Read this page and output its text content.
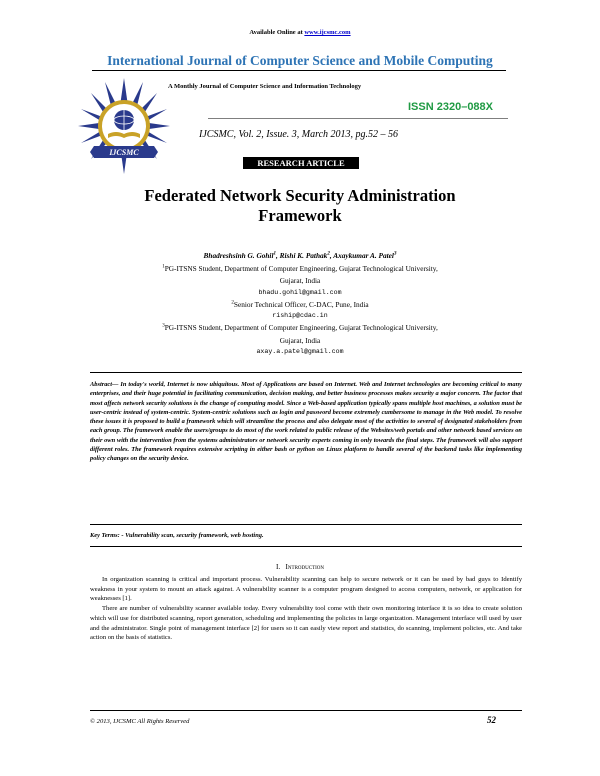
Available Online at www.ijcsmc.com
International Journal of Computer Science and Mobile Computing
A Monthly Journal of Computer Science and Information Technology
IJCSMC
ISSN 2320–088X
IJCSMC, Vol. 2, Issue. 3, March 2013, pg.52 – 56
RESEARCH ARTICLE
Federated Network Security Administration
Framework
Bhadreshsinh G. Gohil$^1$, Rishi K. Pathak$^2$, Axaykumar A. Patel$^3$
$^1$PG-ITSNS Student, Department of Computer Engineering, Gujarat Technological University,
Gujarat, India
bhadu.gohil@gmail.com
$^2$Senior Technical Officer, C-DAC, Pune, India
riship@cdac.in
$^3$PG-ITSNS Student, Department of Computer Engineering, Gujarat Technological University,
Gujarat, India
axay.a.patel@gmail.com
Abstract— In today's world, Internet is now ubiquitous. Most of Applications are based on Internet. Web and Internet technologies are becoming critical to many enterprises, and their huge potential in facilitating communication, decision making, and better business processes makes security a major concern. The factor that most affects network security solutions is the change of computing model. Since a Web-based application typically spans multiple host machines, a solution must be user-centric instead of system-centric. System-centric solutions such as login and password become extremely cumbersome to manage in the Web model. To resolve these issues it is proposed to build a framework which will streamline the process and also delegate most of the activities to several of designated stakeholders from each group. The framework enable the users/groups to do most of the work related to public release of the Websites/web portals and other network based services on their own with the intervention from the systems administrators or network security experts coming in only towards the final steps. The framework will also support different roles. The framework requires extensive scripting in either bash or python on Linux platform to handle several of the backend tasks like implementing policy changes on the security device.
Key Terms: - Vulnerability scan, security framework, web hosting.
I. Introduction

In organization scanning is critical and important process. Vulnerability scanning can help to secure network or it can be used by bad guys to Identify weakness in your system to mount an attack against. A vulnerability scanner is a computer program designed to access computers, network, or application for weaknesses [1].

There are number of vulnerability scanner available today. Every vulnerability tool come with their own monitoring interface it is so idea to create solution which will use for distributed scanning, report generation, scheduling and implementing the policies in large organization. Management interface will used by user and the administrator. Single point of management interface [2] for users so it can easily view report and statistics, do scanning, implement policies, etc. And take action on the basis of statistics.

© 2013, IJCSMC All Rights Reserved	52
